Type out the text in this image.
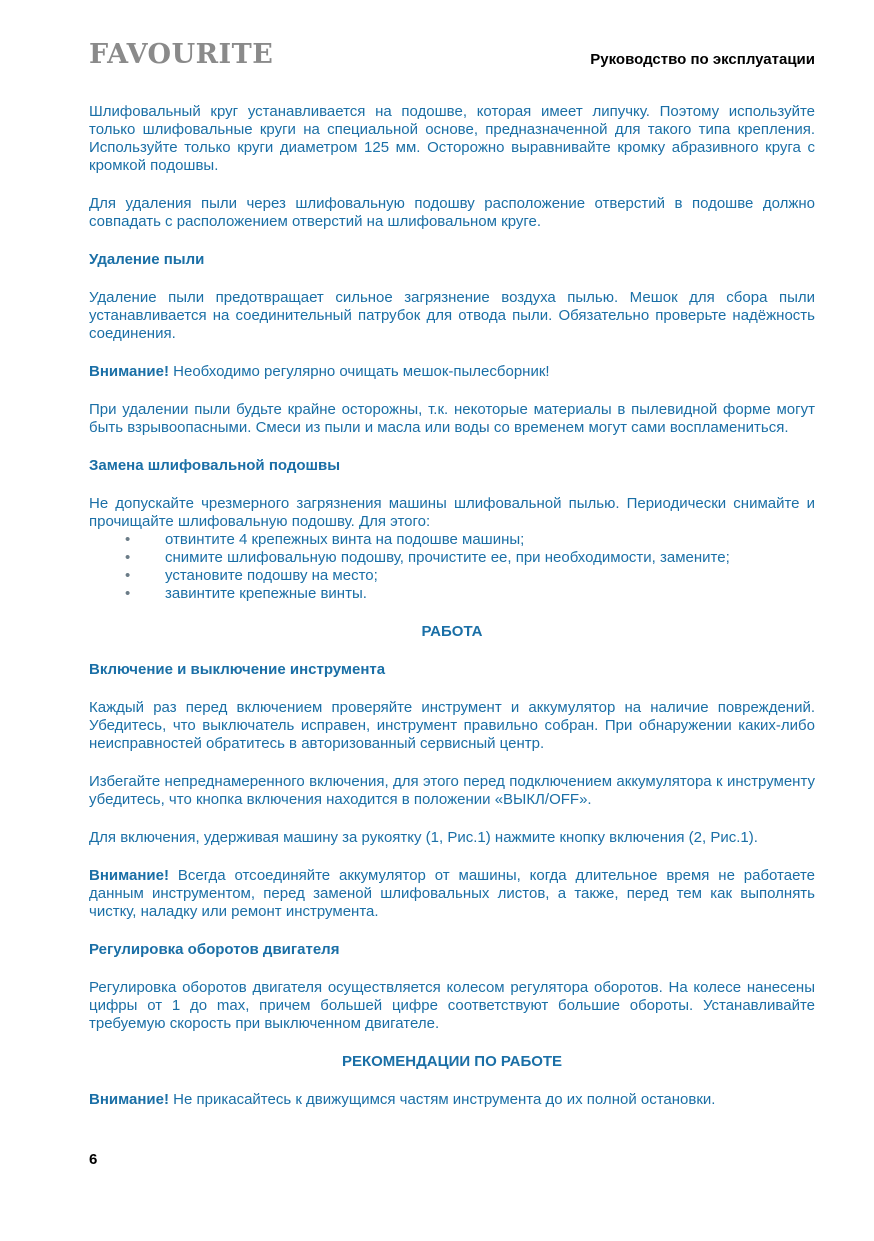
FAVOURITE	Руководство по эксплуатации

Шлифовальный круг устанавливается на подошве, которая имеет липучку. Поэтому используйте только шлифовальные круги на специальной основе, предназначенной для такого типа крепления. Используйте только круги диаметром 125 мм. Осторожно выравнивайте кромку абразивного круга с кромкой подошвы.

Для удаления пыли через шлифовальную подошву расположение отверстий в подошве должно совпадать с расположением отверстий на шлифовальном круге.

Удаление пыли

Удаление пыли предотвращает сильное загрязнение воздуха пылью. Мешок для сбора пыли устанавливается на соединительный патрубок для отвода пыли. Обязательно проверьте надёжность соединения.

Внимание! Необходимо регулярно очищать мешок-пылесборник!

При удалении пыли будьте крайне осторожны, т.к. некоторые материалы в пылевидной форме могут быть взрывоопасными. Смеси из пыли и масла или воды со временем могут сами воспламениться.

Замена шлифовальной подошвы

Не допускайте чрезмерного загрязнения машины шлифовальной пылью. Периодически снимайте и прочищайте шлифовальную подошву. Для этого:

• отвинтите 4 крепежных винта на подошве машины;
• снимите шлифовальную подошву, прочистите ее, при необходимости, замените;
• установите подошву на место;
• завинтите крепежные винты.
РАБОТА
Включение и выключение инструмента

Каждый раз перед включением проверяйте инструмент и аккумулятор на наличие повреждений. Убедитесь, что выключатель исправен, инструмент правильно собран. При обнаружении каких-либо неисправностей обратитесь в авторизованный сервисный центр.

Избегайте непреднамеренного включения, для этого перед подключением аккумулятора к инструменту убедитесь, что кнопка включения находится в положении «ВЫКЛ/OFF».

Для включения, удерживая машину за рукоятку (1, Рис.1) нажмите кнопку включения (2, Рис.1).

Внимание! Всегда отсоединяйте аккумулятор от машины, когда длительное время не работаете данным инструментом, перед заменой шлифовальных листов, а также, перед тем как выполнять чистку, наладку или ремонт инструмента.

Регулировка оборотов двигателя

Регулировка оборотов двигателя осуществляется колесом регулятора оборотов. На колесе нанесены цифры от 1 до max, причем большей цифре соответствуют большие обороты. Устанавливайте требуемую скорость при выключенном двигателе.

РЕКОМЕНДАЦИИ ПО РАБОТЕ

Внимание! Не прикасайтесь к движущимся частям инструмента до их полной остановки.

6
